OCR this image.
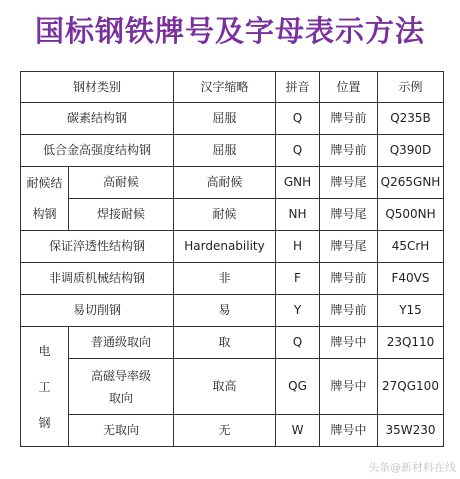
国标钢铁牌号及字母表示方法
钢材类别		汉字缩略	拼音	位置	示例
碳素结构钢		屈服	Q	牌号前	Q235B
低合金高强度结构钢		屈服	Q	牌号前	Q390D
耐候结构钢	高耐候	高耐候	GNH	牌号尾	Q265GNH
	焊接耐候	耐候	NH	牌号尾	Q500NH
保证淬透性结构钢		Hardenability	H	牌号尾	45CrH
非调质机械结构钢		非	F	牌号前	F40VS
易切削钢		易	Y	牌号前	Y15
电工钢	普通级取向	取	Q	牌号中	23Q110
	高磁导率级取向	取高	QG	牌号中	27QG100
	无取向	无	W	牌号中	35W230
头条@新材料在线
